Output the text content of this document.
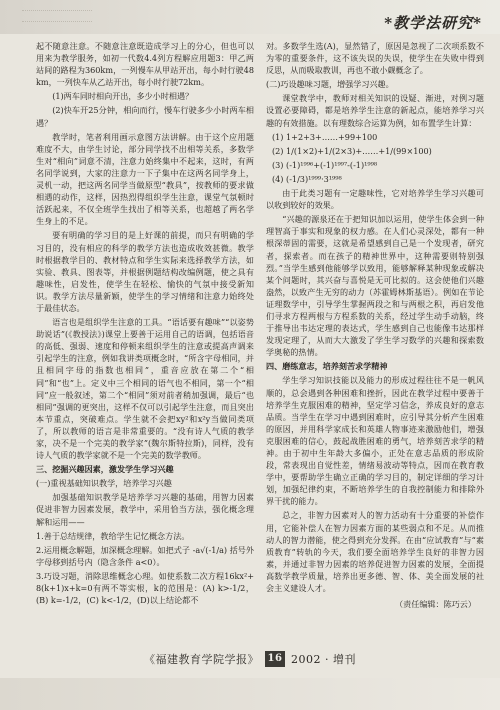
*教学法研究*

起不随意注意。不随意注意既造成学习上的分心，但也可以用来为教学服务，如初一代数4.4列方程解应用题3：甲乙两站间的路程为360km，一列慢车从甲站开出，每小时行驶48km，一列快车从乙站开出，每小时行驶72km。

(1)两车同时相向开出，多少小时相遇？

(2)快车开25分钟，相向而行，慢车行驶多少小时两车相遇？

教学时，笔者利用画示意图方法讲解。由于这个应用题难度不大，由学生讨论，部分同学找不出相等关系，多数学生对“相向”词意不清，注意力始终集中不起来，这时，有两名同学说到，大家的注意力一下子集中在这两名同学身上，灵机一动，把这两名同学当做原型“教具”，按教师的要求做相遇的动作，这样，因热烈得组织学生注意，课堂气氛顿时活跃起来，不仅全班学生找出了相等关系，也超越了两名学生身上的不足。

要有明确的学习目的是上好课的前提，而只有明确的学习目的，没有相应的科学的教学方法也造成收效甚微。教学时根据教学目的、教材特点和学生实际来选择教学方法，如实验、教具、图表等，并根据例题结构改编例题，使之具有趣味性，启发性，使学生在轻松、愉快的气氛中接受新知识。教学方法尽量新颖，使学生的学习情绪和注意力始终处于最佳状态。

语言也是组织学生注意的工具。“语话要有趣味”“以姿势助说话”(《教授法》)课堂上要善于运用自己的语调，包括语音的高低、强弱、速度和停顿来组织学生的注意或提高声调来引起学生的注意，例如我讲类项概念时，“所含字母相同，并且相同字母的指数也相同”，重音应放在第二个“相同”和“也”上。定义中三个相同的语气也不相同，第一个“相同”应一般叙述，第二个“相同”须对前者稍加强调，最后“也相同”强调的更突出，这样不仅可以引起学生注意，而且突出本节重点，突破难点。学生就不会把xy²和x²y当做同类项了，所以教师的语言是非常重要的。“没有诗人气质的教学家，决不是一个完美的教学家”(魏尔斯特拉斯)，同样，没有诗人气质的教学家就不是一个完美的数学教师。

三、挖掘兴趣因素，激发学生学习兴趣

(一)重视基础知识教学，培养学习兴趣

加强基础知识教学是培养学习兴趣的基础，用智力因素促进非智力因素发展，教学中，采用恰当方法，强化概念理解和运用——

1.善于总结规律，教给学生记忆概念方法。

2.运用概念解题，加深概念理解。如把式子 -a√(-1/a) 括号外字母移到括号内（隐含条件 a<0）。

3.巧设习题，消除思维概念心理。如使系数二次方程16kx²+8(k+1)x+k=0有两不等实根，k的范围是：(A) k>-1/2，(B) k=-1/2，(C) k<-1/2，(D)以上结论都不

对。多数学生选(A)，显然错了，原因是忽视了二次项系数不为零的重要条件，这不该失误的失误，使学生在失败中得到反思，从而吸取教训，再也不敢小觑概念了。

(二)巧设趣味习题，增强学习兴趣。

课堂教学中，教师对相关知识的设疑、渐进，对例习题设置必要障碍，都是培养学生注意的新起点，能培养学习兴趣的有效措施。以有理数综合运算为例，如布置学生计算：

(1) 1+2+3+……+99+100

(2) 1/(1×2)+1/(2×3)+……+1/(99×100)

(3) (-1)¹⁹⁹⁶+(-1)¹⁹⁹⁷-(-1)¹⁹⁹⁸

(4) (-1/3)¹⁹⁹⁹·3¹⁹⁹⁸

由于此类习题有一定趣味性，它对培养学生学习兴趣可以收到较好的效果。

“兴趣的源泉还在于把知识加以运用，使学生体会到一种理智高于事实和现象的权力感。在人们心灵深处，都有一种根深蒂固的需要，这就是希望感到自己是一个发现者，研究者，探索者。而在孩子的精神世界中，这种需要则特别强烈。”当学生感到他能够学以致用，能够解释某种现象或解决某个问题时，其兴奋与喜悦是无可比拟的。这会使他们兴趣盎然，以致产生无穷的动力（苏霍姆林斯基语）。例如在节论证理数学中，引导学生掌握两段之和与两根之积，再启发他们寻求方程两根与方程系数的关系，经过学生动手动脑，终于推导出韦达定理的表达式，学生感到自己也能像韦达那样发现定理了，从而大大激发了学生学习数学的兴趣和探索数学奥秘的热情。

四、磨练意志，培养刻苦求学精神

学生学习知识技能以及能力的形成过程往往不是一帆风顺的，总会遇到各种困难和挫折，因此在教学过程中要善于培养学生克服困难的精神，坚定学习信念，养成良好的意志品质。当学生在学习中遇到困难时，应引导其分析产生困难的原因，并用科学家成长和英雄人物事迹来激励他们，增强克服困难的信心，鼓起战胜困难的勇气，培养刻苦求学的精神。由于初中生年龄大多偏小，正处在意志品质的形成阶段，常表现出自觉性差，情绪易波动等特点，因而在教育教学中，要帮助学生确立正确的学习目的，制定详细的学习计划，加强纪律约束，不断培养学生的自我控制能力和排除外界干扰的能力。

总之，非智力因素对人的智力活动有十分重要的补偿作用，它能补偿人在智力因素方面的某些弱点和不足。从而推动人的智力潜能，使之得到充分发挥。在由“应试教育”与“素质教育”转轨的今天，我们要全面培养学生良好的非智力因素，并通过非智力因素的培养促进智力因素的发展，全面提高数学教学质量，培养出更多德、智、体、美全面发展的社会主义建设人才。

（责任编辑：陈巧云）

《福建教育学院学报》 16 2002 · 增刊
